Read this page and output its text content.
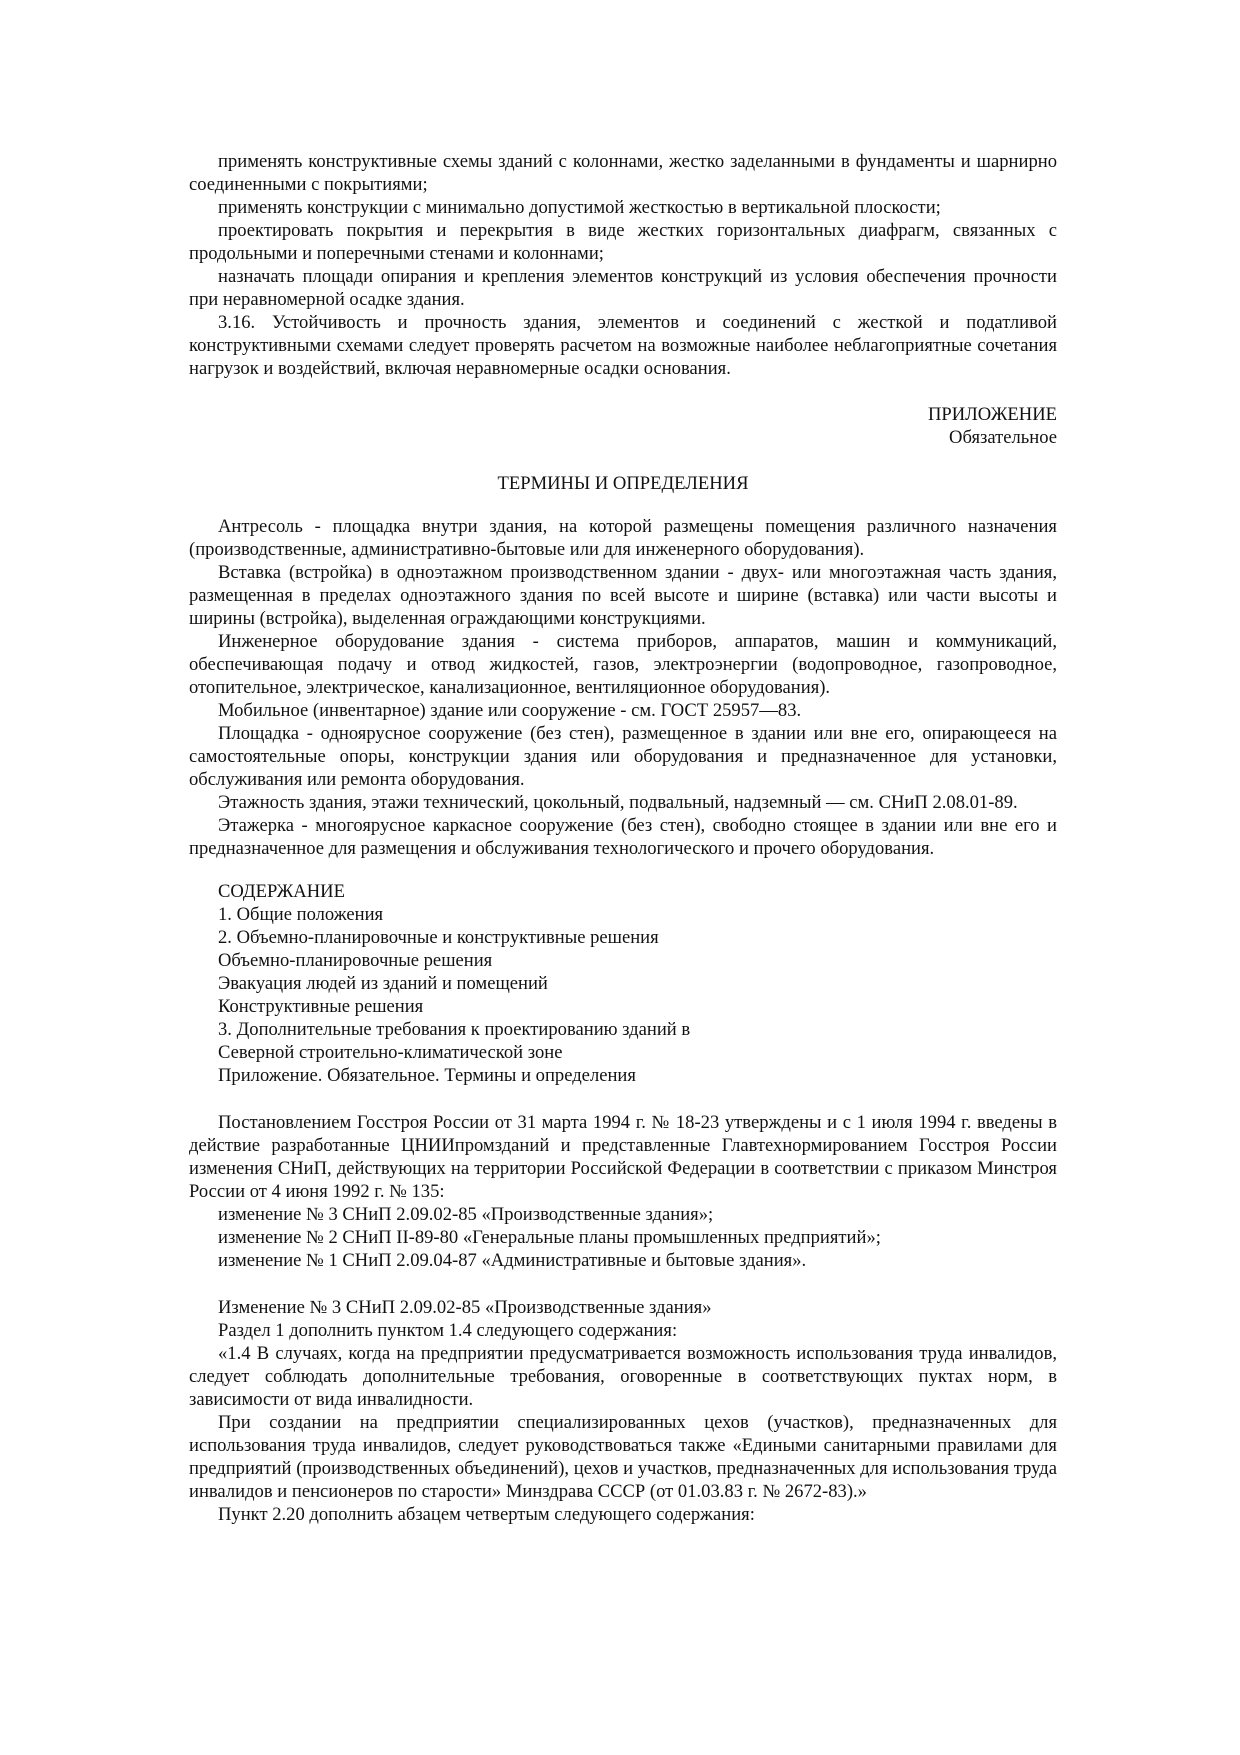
применять конструктивные схемы зданий с колоннами, жестко заделанными в фундаменты и шарнирно соединенными с покрытиями;

применять конструкции с минимально допустимой жесткостью в вертикальной плоскости;

проектировать покрытия и перекрытия в виде жестких горизонтальных диафрагм, связанных с продольными и поперечными стенами и колоннами;

назначать площади опирания и крепления элементов конструкций из условия обеспечения прочности при неравномерной осадке здания.

3.16. Устойчивость и прочность здания, элементов и соединений с жесткой и податливой конструктивными схемами следует проверять расчетом на возможные наиболее неблагоприятные сочетания нагрузок и воздействий, включая неравномерные осадки основания.

ПРИЛОЖЕНИЕ

Обязательное

ТЕРМИНЫ И ОПРЕДЕЛЕНИЯ

Антресоль - площадка внутри здания, на которой размещены помещения различного назначения (производственные, административно-бытовые или для инженерного оборудования).

Вставка (встройка) в одноэтажном производственном здании - двух- или многоэтажная часть здания, размещенная в пределах одноэтажного здания по всей высоте и ширине (вставка) или части высоты и ширины (встройка), выделенная ограждающими конструкциями.

Инженерное оборудование здания - система приборов, аппаратов, машин и коммуникаций, обеспечивающая подачу и отвод жидкостей, газов, электроэнергии (водопроводное, газопроводное, отопительное, электрическое, канализационное, вентиляционное оборудования).

Мобильное (инвентарное) здание или сооружение - см. ГОСТ 25957—83.

Площадка - одноярусное сооружение (без стен), размещенное в здании или вне его, опирающееся на самостоятельные опоры, конструкции здания или оборудования и предназначенное для установки, обслуживания или ремонта оборудования.

Этажность здания, этажи технический, цокольный, подвальный, надземный — см. СНиП 2.08.01-89.

Этажерка - многоярусное каркасное сооружение (без стен), свободно стоящее в здании или вне его и предназначенное для размещения и обслуживания технологического и прочего оборудования.

СОДЕРЖАНИЕ

1. Общие положения

2. Объемно-планировочные и конструктивные решения

Объемно-планировочные решения

Эвакуация людей из зданий и помещений

Конструктивные решения

3. Дополнительные требования к проектированию зданий в

Северной строительно-климатической зоне

Приложение. Обязательное. Термины и определения

Постановлением Госстроя России от 31 марта 1994 г. № 18-23 утверждены и с 1 июля 1994 г. введены в действие разработанные ЦНИИпромзданий и представленные Главтехнормированием Госстроя России изменения СНиП, действующих на территории Российской Федерации в соответствии с приказом Минстроя России от 4 июня 1992 г. № 135:

изменение № 3 СНиП 2.09.02-85 «Производственные здания»;

изменение № 2 СНиП II-89-80 «Генеральные планы промышленных предприятий»;

изменение № 1 СНиП 2.09.04-87 «Административные и бытовые здания».

Изменение № 3 СНиП 2.09.02-85 «Производственные здания»

Раздел 1 дополнить пунктом 1.4 следующего содержания:

«1.4 В случаях, когда на предприятии предусматривается возможность использования труда инвалидов, следует соблюдать дополнительные требования, оговоренные в соответствующих пуктах норм, в зависимости от вида инвалидности.

При создании на предприятии специализированных цехов (участков), предназначенных для использования труда инвалидов, следует руководствоваться также «Едиными санитарными правилами для предприятий (производственных объединений), цехов и участков, предназначенных для использования труда инвалидов и пенсионеров по старости» Минздрава СССР (от 01.03.83 г. № 2672-83).»

Пункт 2.20 дополнить абзацем четвертым следующего содержания:
